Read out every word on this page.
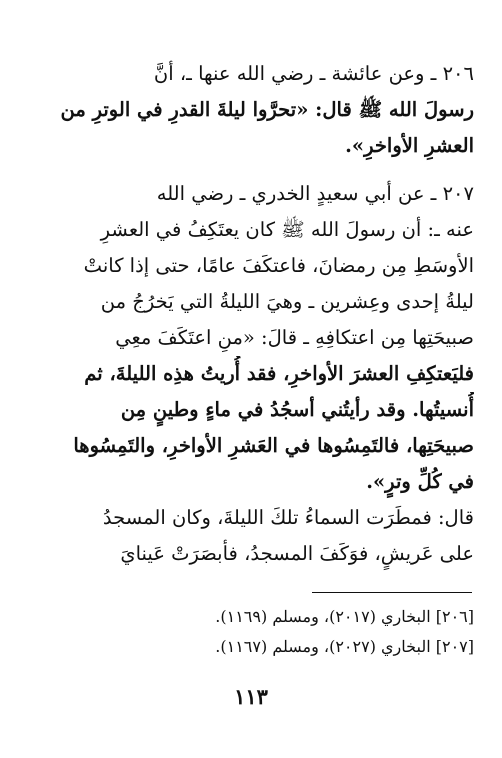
٢٠٦ ـ وعن عائشة ـ رضي الله عنها ـ، أنَّ
رسولَ الله ﷺ قال: «تحرَّوا ليلةَ القدرِ في الوترِ من
العشرِ الأواخرِ».
٢٠٧ ـ عن أبي سعيدٍ الخدري ـ رضي الله
عنه ـ: أن رسولَ الله ﷺ كان يعتَكِفُ في العشرِ
الأوسَطِ مِن رمضانَ، فاعتكَفَ عامًا، حتى إذا كانتْ
ليلةُ إحدى وعِشرين ـ وهيَ الليلةُ التي يَخرُجُ من
صبيحَتِها مِن اعتكافِهِ ـ قالَ: «منِ اعتَكَفَ معِي
فليَعتكِفِ العشرَ الأواخرِ، فقد أُريتُ هذِه الليلةَ، ثم
أُنسيتُها. وقد رأيتُني أسجُدُ في ماءٍ وطينٍ مِن
صبيحَتِها، فالتَمِسُوها في العَشرِ الأواخرِ، والتَمِسُوها
في كُلِّ وترٍ».
قال: فمطَرَت السماءُ تلكَ الليلةَ، وكان المسجدُ
على عَريشٍ، فوَكَفَ المسجدُ، فأبصَرَتْ عَينايَ
[٢٠٦] البخاري (٢٠١٧)، ومسلم (١١٦٩).
[٢٠٧] البخاري (٢٠٢٧)، ومسلم (١١٦٧).
١١٣
